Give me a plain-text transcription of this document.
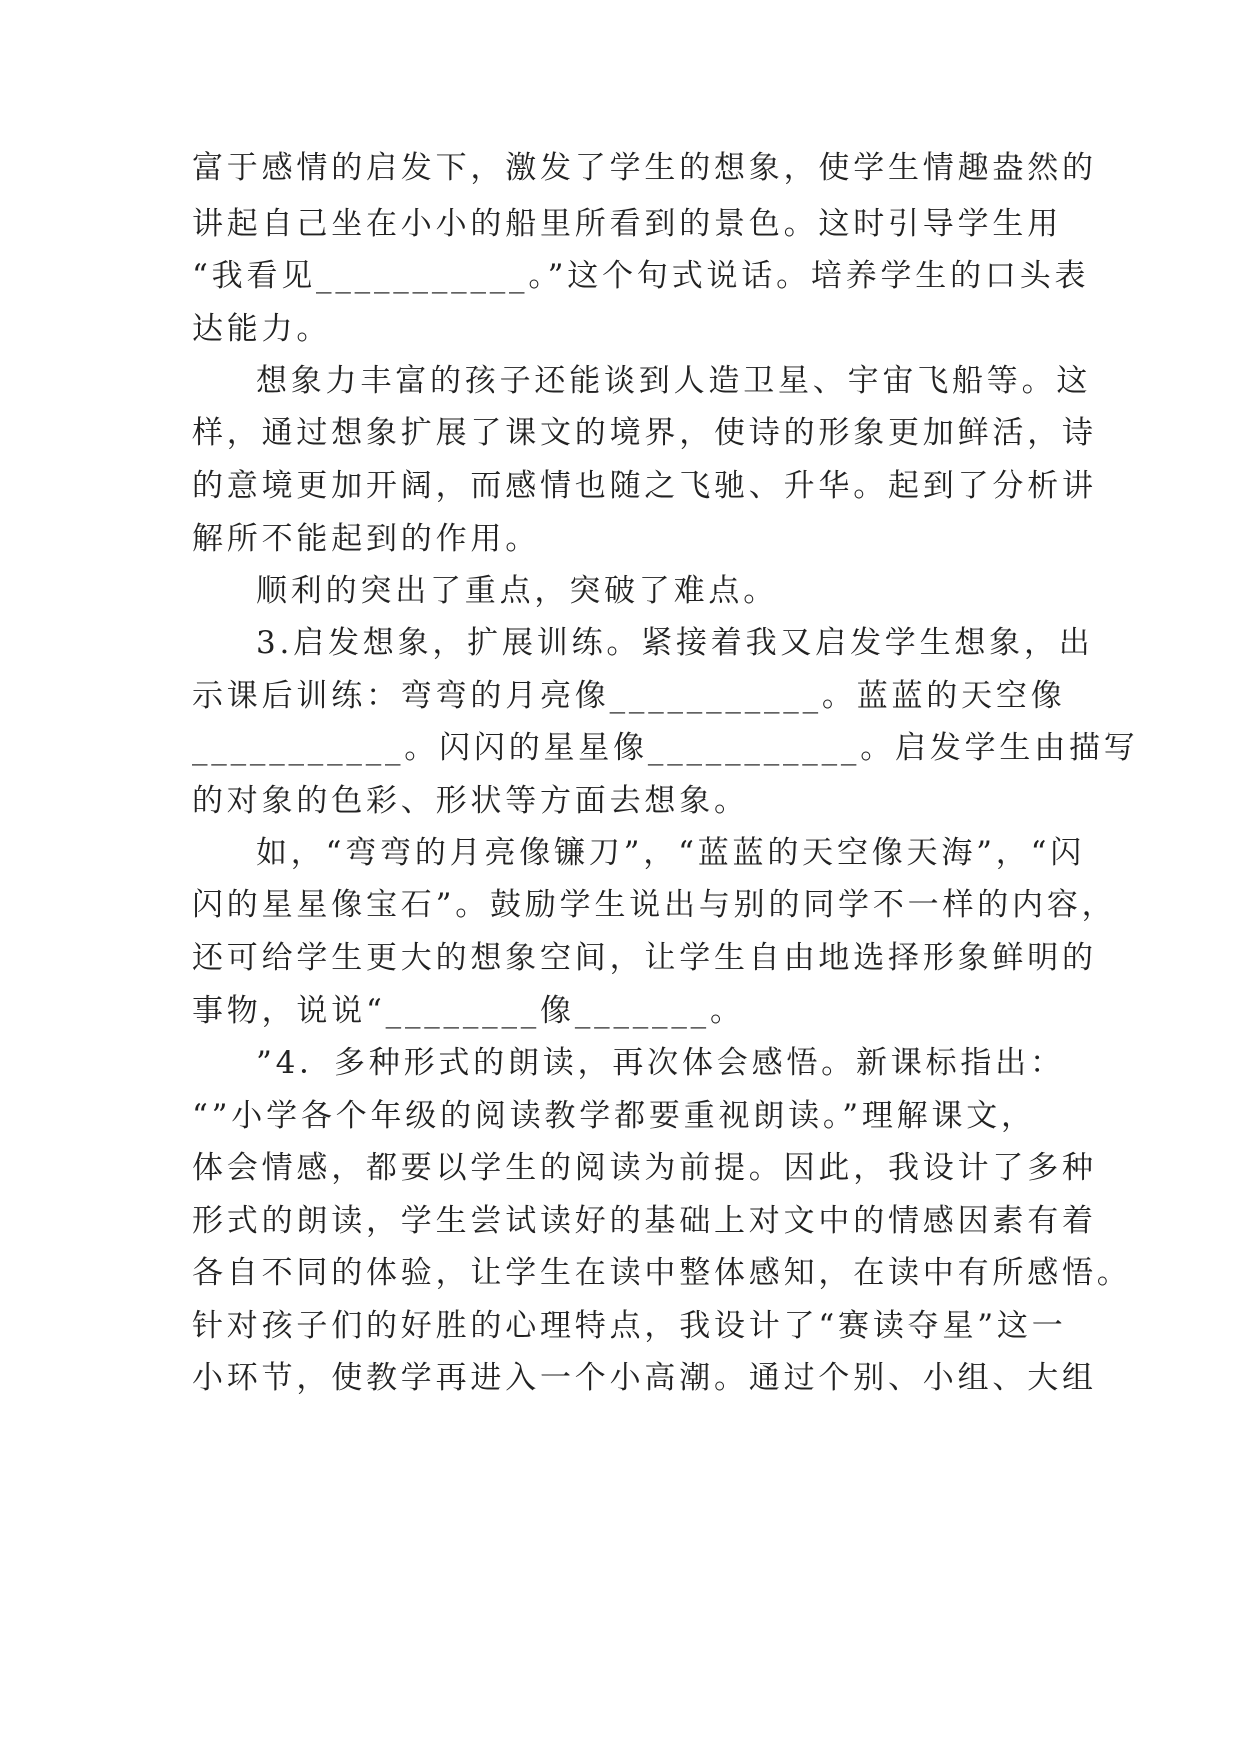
富于感情的启发下，激发了学生的想象，使学生情趣盎然的
讲起自己坐在小小的船里所看到的景色。这时引导学生用
“我看见___________。”这个句式说话。培养学生的口头表
达能力。
想象力丰富的孩子还能谈到人造卫星、宇宙飞船等。这
样，通过想象扩展了课文的境界，使诗的形象更加鲜活，诗
的意境更加开阔，而感情也随之飞驰、升华。起到了分析讲
解所不能起到的作用。
顺利的突出了重点，突破了难点。
3.启发想象，扩展训练。紧接着我又启发学生想象，出
示课后训练：弯弯的月亮像___________。蓝蓝的天空像
___________。闪闪的星星像___________。启发学生由描写
的对象的色彩、形状等方面去想象。
如，“弯弯的月亮像镰刀”，“蓝蓝的天空像天海”，“闪
闪的星星像宝石”。鼓励学生说出与别的同学不一样的内容，
还可给学生更大的想象空间，让学生自由地选择形象鲜明的
事物，说说“________像_______。
”4．多种形式的朗读，再次体会感悟。新课标指出：
“”小学各个年级的阅读教学都要重视朗读。”理解课文，
体会情感，都要以学生的阅读为前提。因此，我设计了多种
形式的朗读，学生尝试读好的基础上对文中的情感因素有着
各自不同的体验，让学生在读中整体感知，在读中有所感悟。
针对孩子们的好胜的心理特点，我设计了“赛读夺星”这一
小环节，使教学再进入一个小高潮。通过个别、小组、大组
